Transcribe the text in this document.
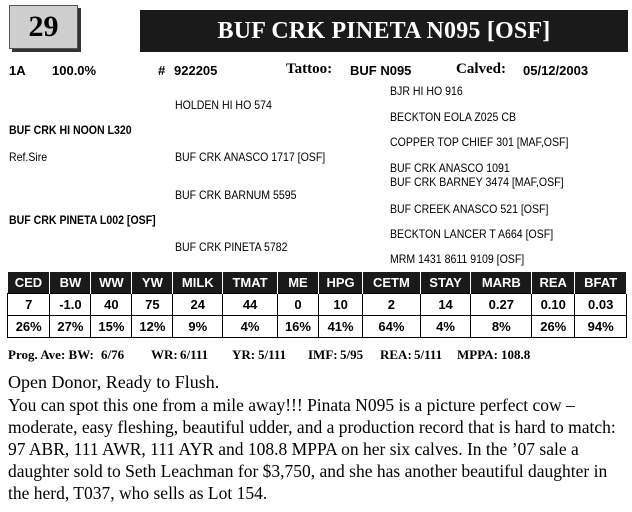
29	BUF CRK PINETA N095 [OSF]
1A 100.0%	# 922205	Tattoo: BUF N095	Calved: 05/12/2003
BUF CRK HI NOON L320
Ref.Sire
BUF CRK PINETA L002 [OSF]
HOLDEN HI HO 574
BUF CRK ANASCO 1717 [OSF]
BUF CRK BARNUM 5595
BUF CRK PINETA 5782
BJR HI HO 916
BECKTON EOLA Z025 CB
COPPER TOP CHIEF 301 [MAF,OSF]
BUF CRK ANASCO 1091
BUF CRK BARNEY 3474 [MAF,OSF]
BUF CREEK ANASCO 521 [OSF]
BECKTON LANCER T A664 [OSF]
MRM 1431 8611 9109 [OSF]
CED	BW	WW	YW	MILK	TMAT	ME	HPG	CETM	STAY	MARB	REA	BFAT
7	-1.0	40	75	24	44	0	10	2	14	0.27	0.10	0.03
26%	27%	15%	12%	9%	4%	16%	41%	64%	4%	8%	26%	94%
Prog. Ave: BW: 6/76 WR: 6/111 YR: 5/111 IMF: 5/95 REA: 5/111 MPPA: 108.8
Open Donor, Ready to Flush.
You can spot this one from a mile away!!! Pinata N095 is a picture perfect cow – moderate, easy fleshing, beautiful udder, and a production record that is hard to match: 97 ABR, 111 AWR, 111 AYR and 108.8 MPPA on her six calves. In the ’07 sale a daughter sold to Seth Leachman for $3,750, and she has another beautiful daughter in the herd, T037, who sells as Lot 154.
